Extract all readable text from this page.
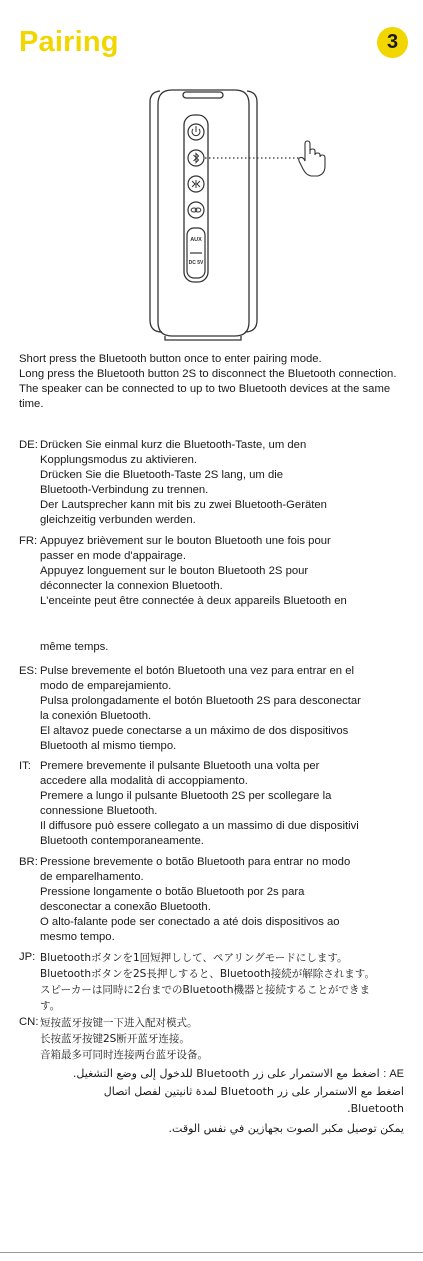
Pairing	3
AUX
DC 5V

Short press the Bluetooth button once to enter pairing mode.

Long press the Bluetooth button 2S to disconnect the Bluetooth connection.

The speaker can be connected to up to two Bluetooth devices at the same time.

DE: Drücken Sie einmal kurz die Bluetooth-Taste, um den
Kopplungsmodus zu aktivieren.
Drücken Sie die Bluetooth-Taste 2S lang, um die
Bluetooth-Verbindung zu trennen.
Der Lautsprecher kann mit bis zu zwei Bluetooth-Geräten
gleichzeitig verbunden werden.
FR: Appuyez brièvement sur le bouton Bluetooth une fois pour
passer en mode d'appairage.
Appuyez longuement sur le bouton Bluetooth 2S pour
déconnecter la connexion Bluetooth.
L'enceinte peut être connectée à deux appareils Bluetooth en
même temps.
ES: Pulse brevemente el botón Bluetooth una vez para entrar en el
modo de emparejamiento.
Pulsa prolongadamente el botón Bluetooth 2S para desconectar
la conexión Bluetooth.
El altavoz puede conectarse a un máximo de dos dispositivos
Bluetooth al mismo tiempo.
IT: Premere brevemente il pulsante Bluetooth una volta per
accedere alla modalità di accoppiamento.
Premere a lungo il pulsante Bluetooth 2S per scollegare la
connessione Bluetooth.
Il diffusore può essere collegato a un massimo di due dispositivi
Bluetooth contemporaneamente.
BR: Pressione brevemente o botão Bluetooth para entrar no modo
de emparelhamento.
Pressione longamente o botão Bluetooth por 2s para
desconectar a conexão Bluetooth.
O alto-falante pode ser conectado a até dois dispositivos ao
mesmo tempo.
JP: Bluetoothボタンを1回短押しして、ペアリングモードにします。
Bluetoothボタンを2S長押しすると、Bluetooth接続が解除されます。
スピーカーは同時に2台までのBluetooth機器と接続することができま
す。
CN: 短按蓝牙按键一下进入配对模式。
长按蓝牙按键2S断开蓝牙连接。
音箱最多可同时连接两台蓝牙设备。
AE : اضغط مع الاستمرار على زر Bluetooth للدخول إلى وضع التشغيل.
اضغط مع الاستمرار على زر Bluetooth لمدة ثانيتين لفصل اتصال
Bluetooth.
يمكن توصيل مكبر الصوت بجهازين في نفس الوقت.
